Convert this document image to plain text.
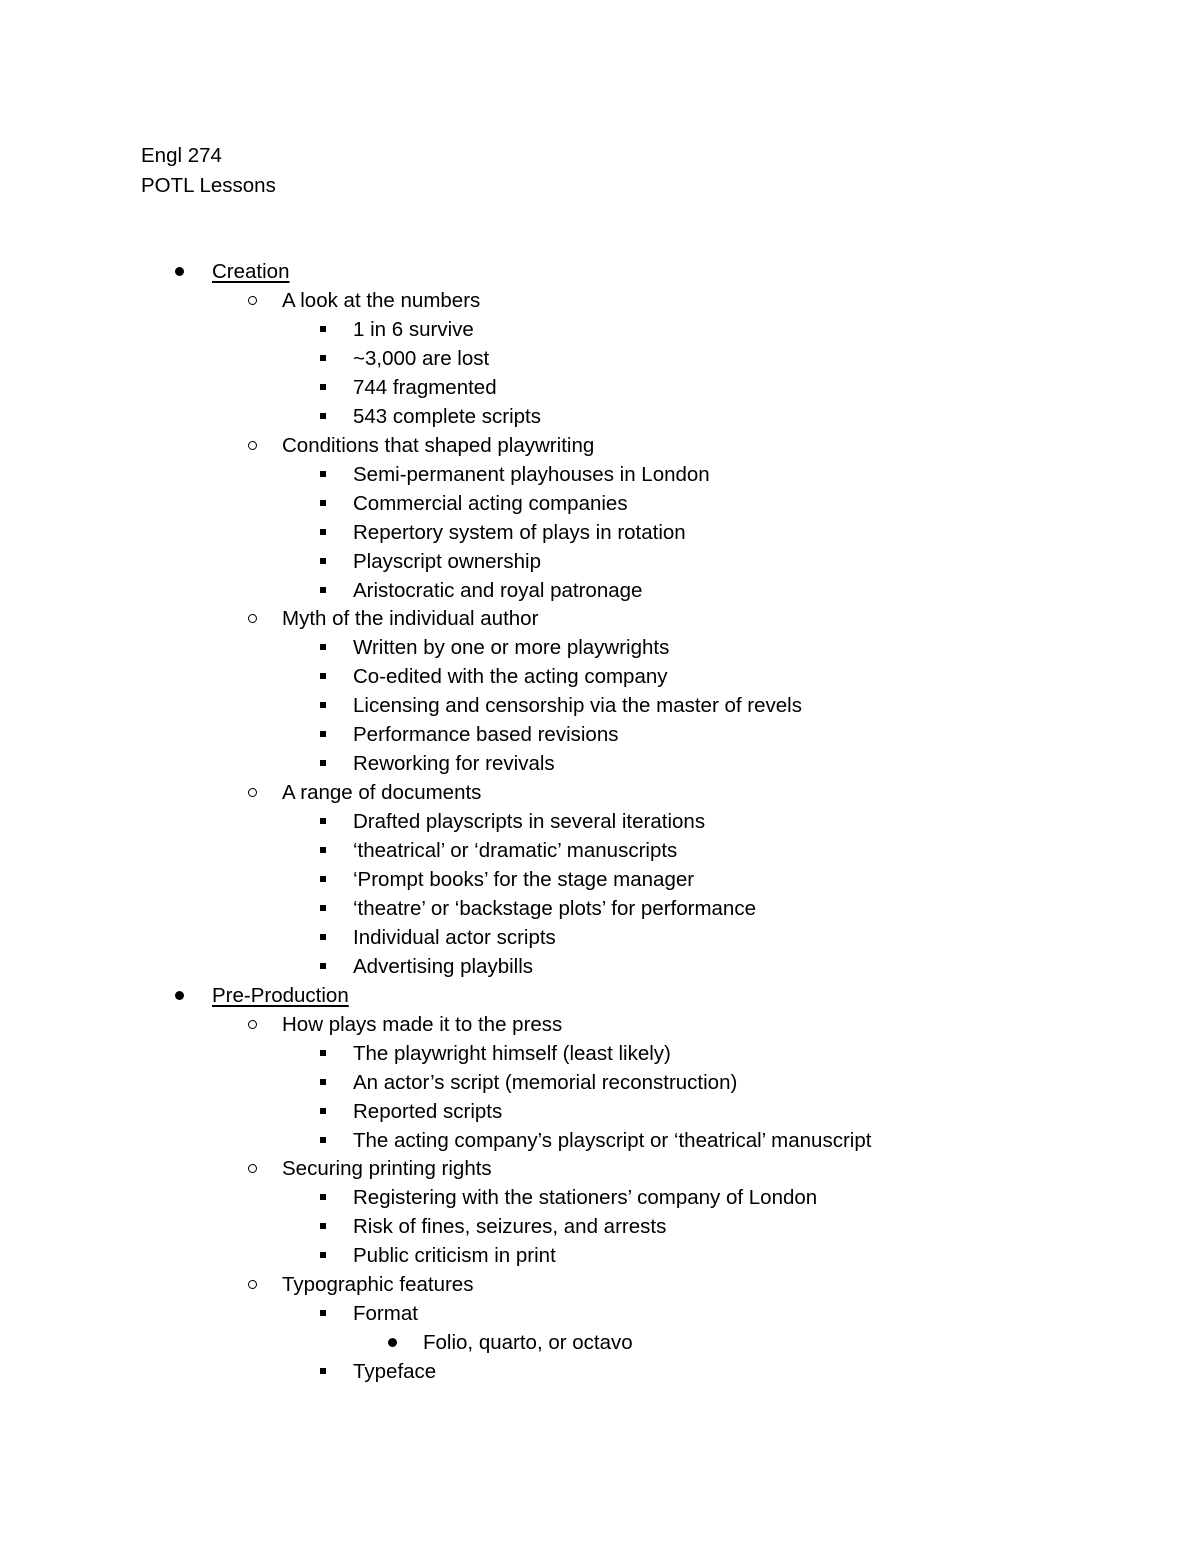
Engl 274
POTL Lessons
Creation
A look at the numbers
1 in 6 survive
~3,000 are lost
744 fragmented
543 complete scripts
Conditions that shaped playwriting
Semi-permanent playhouses in London
Commercial acting companies
Repertory system of plays in rotation
Playscript ownership
Aristocratic and royal patronage
Myth of the individual author
Written by one or more playwrights
Co-edited with the acting company
Licensing and censorship via the master of revels
Performance based revisions
Reworking for revivals
A range of documents
Drafted playscripts in several iterations
‘theatrical’ or ‘dramatic’ manuscripts
‘Prompt books’ for the stage manager
‘theatre’ or ‘backstage plots’ for performance
Individual actor scripts
Advertising playbills
Pre-Production
How plays made it to the press
The playwright himself (least likely)
An actor’s script (memorial reconstruction)
Reported scripts
The acting company’s playscript or ‘theatrical’ manuscript
Securing printing rights
Registering with the stationers’ company of London
Risk of fines, seizures, and arrests
Public criticism in print
Typographic features
Format
Folio, quarto, or octavo
Typeface
